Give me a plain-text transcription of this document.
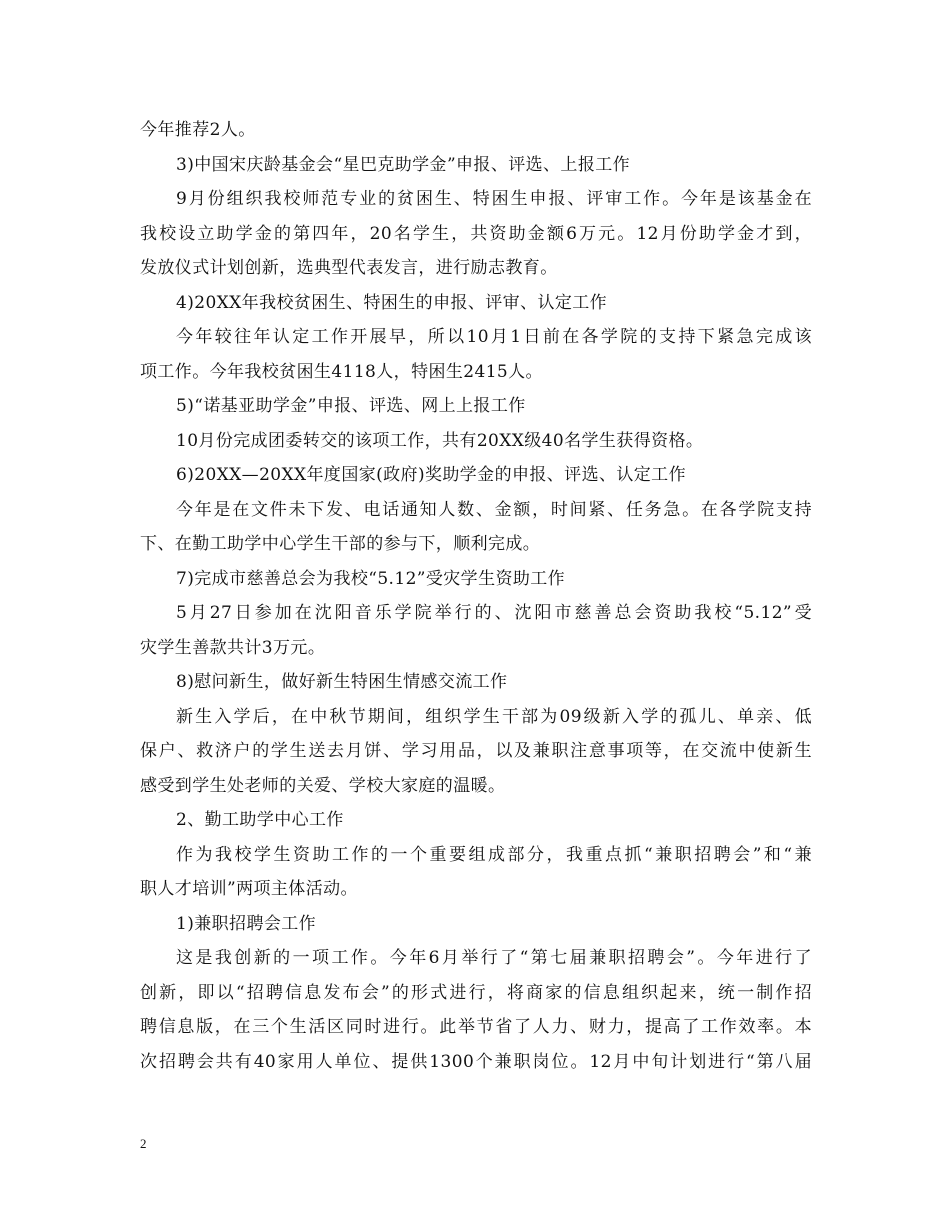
今年推荐2人。
3)中国宋庆龄基金会“星巴克助学金”申报、评选、上报工作
9月份组织我校师范专业的贫困生、特困生申报、评审工作。今年是该基金在
我校设立助学金的第四年，20名学生，共资助金额6万元。12月份助学金才到，
发放仪式计划创新，选典型代表发言，进行励志教育。
4)20XX年我校贫困生、特困生的申报、评审、认定工作
今年较往年认定工作开展早，所以10月1日前在各学院的支持下紧急完成该
项工作。今年我校贫困生4118人，特困生2415人。
5)“诺基亚助学金”申报、评选、网上上报工作
10月份完成团委转交的该项工作，共有20XX级40名学生获得资格。
6)20XX—20XX年度国家(政府)奖助学金的申报、评选、认定工作
今年是在文件未下发、电话通知人数、金额，时间紧、任务急。在各学院支持
下、在勤工助学中心学生干部的参与下，顺利完成。
7)完成市慈善总会为我校“5.12”受灾学生资助工作
5月27日参加在沈阳音乐学院举行的、沈阳市慈善总会资助我校“5.12”受
灾学生善款共计3万元。
8)慰问新生，做好新生特困生情感交流工作
新生入学后，在中秋节期间，组织学生干部为09级新入学的孤儿、单亲、低
保户、救济户的学生送去月饼、学习用品，以及兼职注意事项等，在交流中使新生
感受到学生处老师的关爱、学校大家庭的温暖。
2、勤工助学中心工作
作为我校学生资助工作的一个重要组成部分，我重点抓“兼职招聘会”和“兼
职人才培训”两项主体活动。
1)兼职招聘会工作
这是我创新的一项工作。今年6月举行了“第七届兼职招聘会”。今年进行了
创新，即以“招聘信息发布会”的形式进行，将商家的信息组织起来，统一制作招
聘信息版，在三个生活区同时进行。此举节省了人力、财力，提高了工作效率。本
次招聘会共有40家用人单位、提供1300个兼职岗位。12月中旬计划进行“第八届
2
